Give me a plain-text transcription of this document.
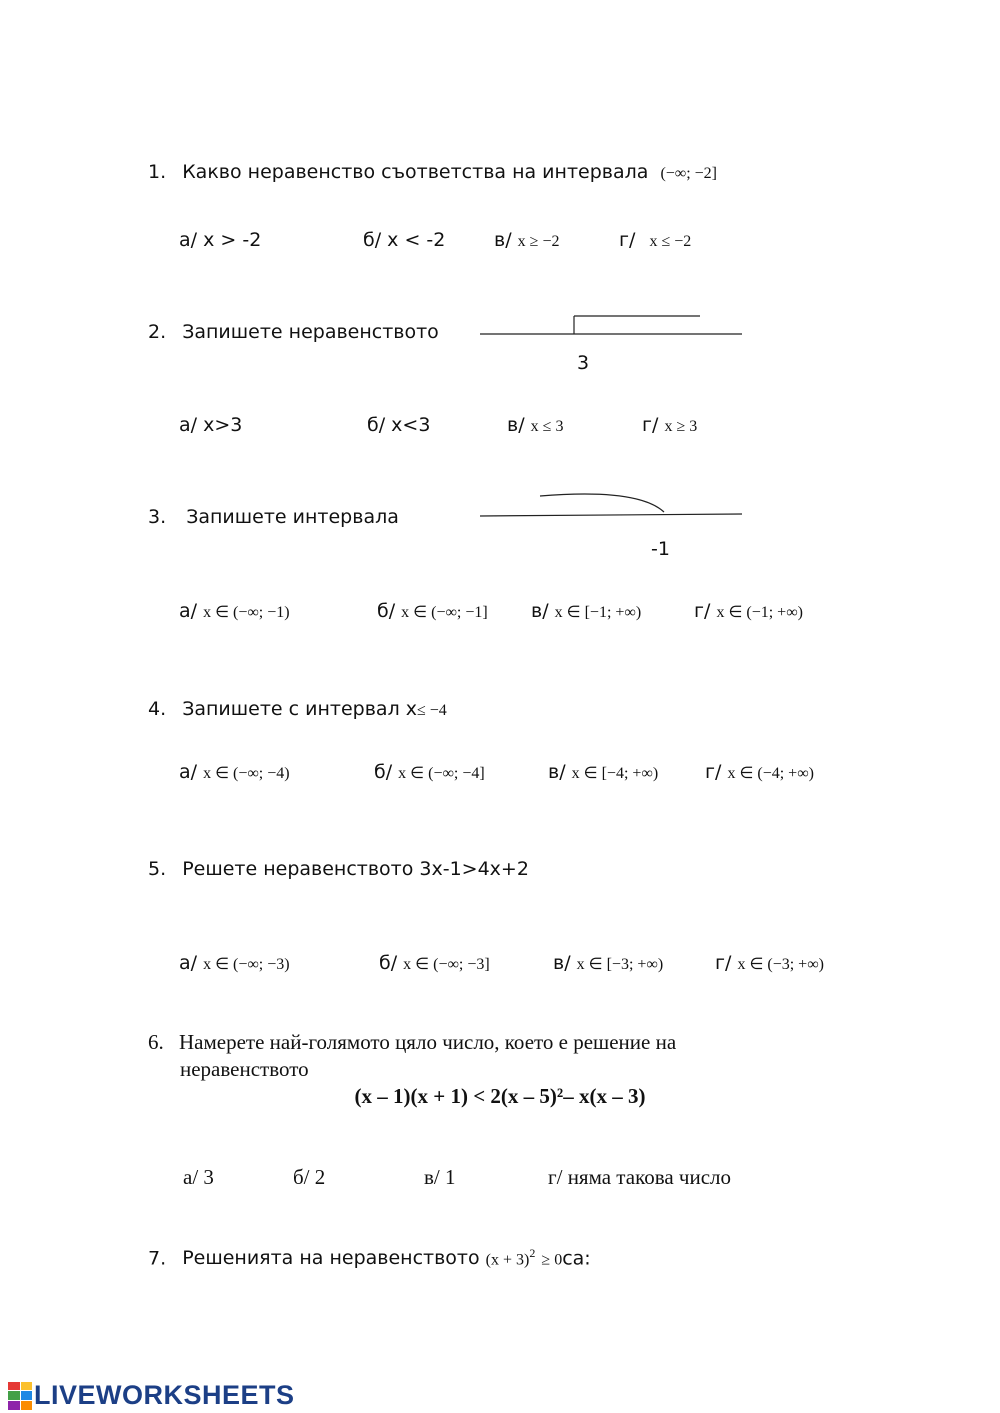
1. Какво неравенство съответства на интервала (−∞; −2]
а/ x > -2	б/ x < -2	в/ x ≥ −2	г/ x ≤ −2
2. Запишете неравенството
3
а/ x>3	б/ x<3	в/ x ≤ 3	г/ x ≥ 3
3. Запишете интервала
-1
а/ x ∈ (−∞; −1)	б/ x ∈ (−∞; −1] в/ x ∈ [−1; +∞)	г/ x ∈ (−1; +∞)
4. Запишете с интервал x≤ −4
а/ x ∈ (−∞; −4)	б/ x ∈ (−∞; −4]	в/ x ∈ [−4; +∞) г/ x ∈ (−4; +∞)
5. Решете неравенството 3x-1>4x+2
а/ x ∈ (−∞; −3)	б/ x ∈ (−∞; −3]	в/ x ∈ [−3; +∞)	г/ x ∈ (−3; +∞)
6. Намерете най-голямото цяло число, което е решение на
неравенството
(x – 1)(x + 1) < 2(x – 5)²– x(x – 3)
а/ 3	б/ 2	в/ 1	г/ няма такова число
7. Решенията на неравенството $(x + 3)^2 \ge 0са$:
LIVEWORKSHEETS
